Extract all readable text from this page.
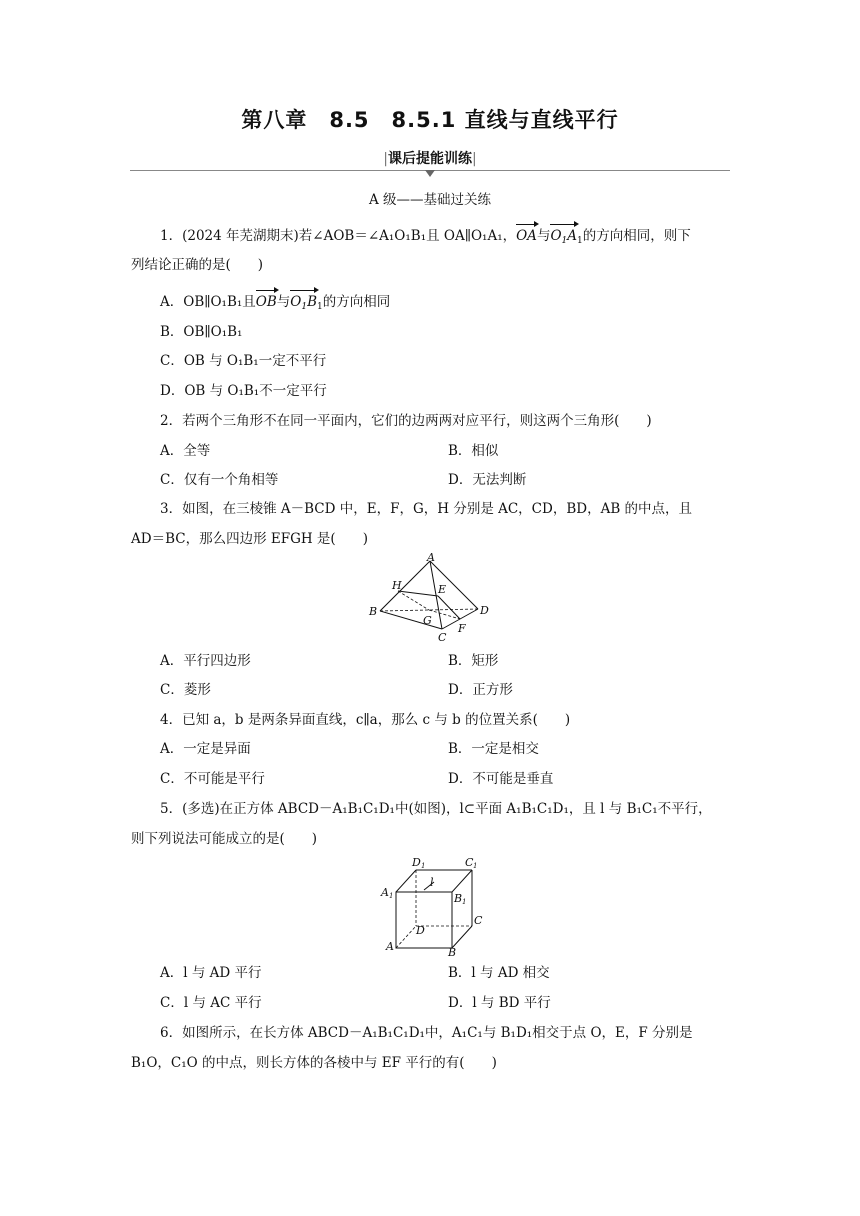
第八章　8.5　8.5.1 直线与直线平行
|课后提能训练|
A 级——基础过关练
1．(2024 年芜湖期末)若∠AOB＝∠A₁O₁B₁且 OA∥O₁A₁，OA与$O_1A_1$的方向相同，则下
列结论正确的是(　　)
A．OB∥O₁B₁且OB与$O_1B_1$的方向相同
B．OB∥O₁B₁
C．OB 与 O₁B₁一定不平行
D．OB 与 O₁B₁不一定平行
2．若两个三角形不在同一平面内，它们的边两两对应平行，则这两个三角形(　　)
A．全等	B．相似
C．仅有一个角相等	D．无法判断
3．如图，在三棱锥 A－BCD 中，E，F，G，H 分别是 AC，CD，BD，AB 的中点，且
AD＝BC，那么四边形 EFGH 是(　　)
A
H	E
B	D
G
F
C
A．平行四边形	B．矩形
C．菱形	D．正方形
4．已知 a，b 是两条异面直线，c∥a，那么 c 与 b 的位置关系(　　)
A．一定是异面	B．一定是相交
C．不可能是平行	D．不可能是垂直
5．(多选)在正方体 ABCD－A₁B₁C₁D₁中(如图)，l⊂平面 A₁B₁C₁D₁，且 l 与 B₁C₁不平行，
则下列说法可能成立的是(　　)
D 1	C 1
l
A 1	B 1
C
D
A	B
A．l 与 AD 平行	B．l 与 AD 相交
C．l 与 AC 平行	D．l 与 BD 平行
6．如图所示，在长方体 ABCD－A₁B₁C₁D₁中，A₁C₁与 B₁D₁相交于点 O，E，F 分别是
B₁O，C₁O 的中点，则长方体的各棱中与 EF 平行的有(　　)
